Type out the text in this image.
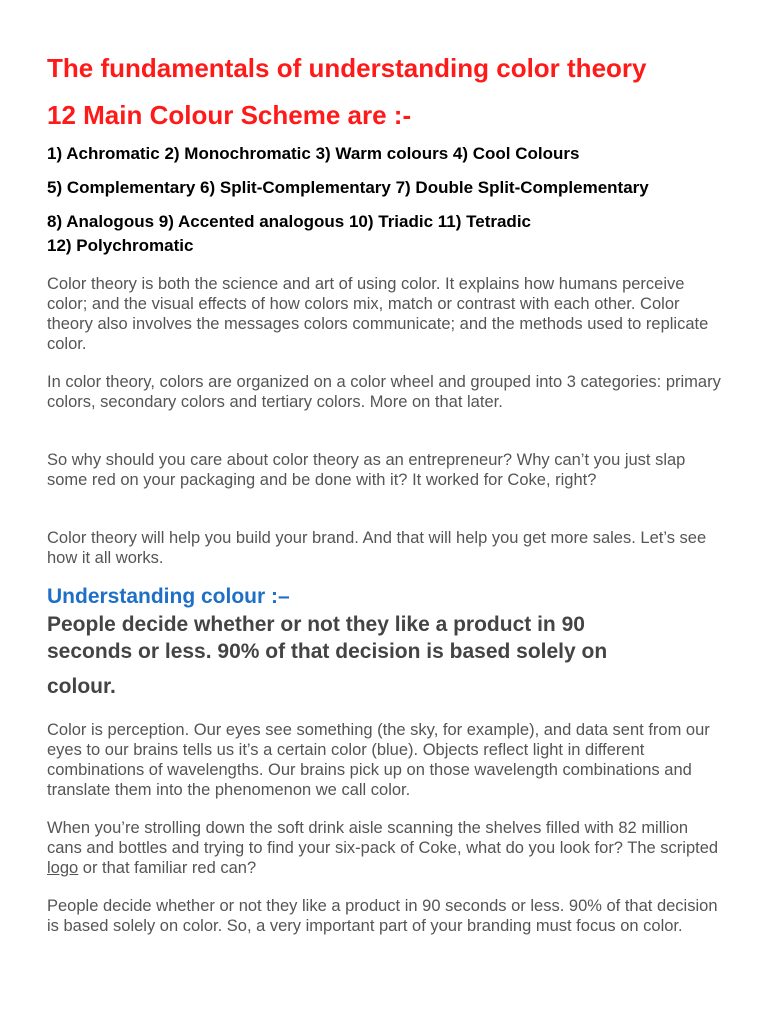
The fundamentals of understanding color theory
12 Main Colour Scheme are :-

1) Achromatic 2) Monochromatic 3) Warm colours 4) Cool Colours

5) Complementary 6) Split-Complementary 7) Double Split-Complementary

8) Analogous 9) Accented analogous 10) Triadic 11) Tetradic

12) Polychromatic

Color theory is both the science and art of using color. It explains how humans perceive color; and the visual effects of how colors mix, match or contrast with each other. Color theory also involves the messages colors communicate; and the methods used to replicate color.

In color theory, colors are organized on a color wheel and grouped into 3 categories: primary colors, secondary colors and tertiary colors. More on that later.

So why should you care about color theory as an entrepreneur? Why can’t you just slap some red on your packaging and be done with it? It worked for Coke, right?

Color theory will help you build your brand. And that will help you get more sales. Let’s see how it all works.

Understanding colour :–

People decide whether or not they like a product in 90

seconds or less. 90% of that decision is based solely on

colour.

Color is perception. Our eyes see something (the sky, for example), and data sent from our eyes to our brains tells us it’s a certain color (blue). Objects reflect light in different combinations of wavelengths. Our brains pick up on those wavelength combinations and translate them into the phenomenon we call color.

When you’re strolling down the soft drink aisle scanning the shelves filled with 82 million cans and bottles and trying to find your six-pack of Coke, what do you look for? The scripted logo or that familiar red can?

People decide whether or not they like a product in 90 seconds or less. 90% of that decision is based solely on color. So, a very important part of your branding must focus on color.
